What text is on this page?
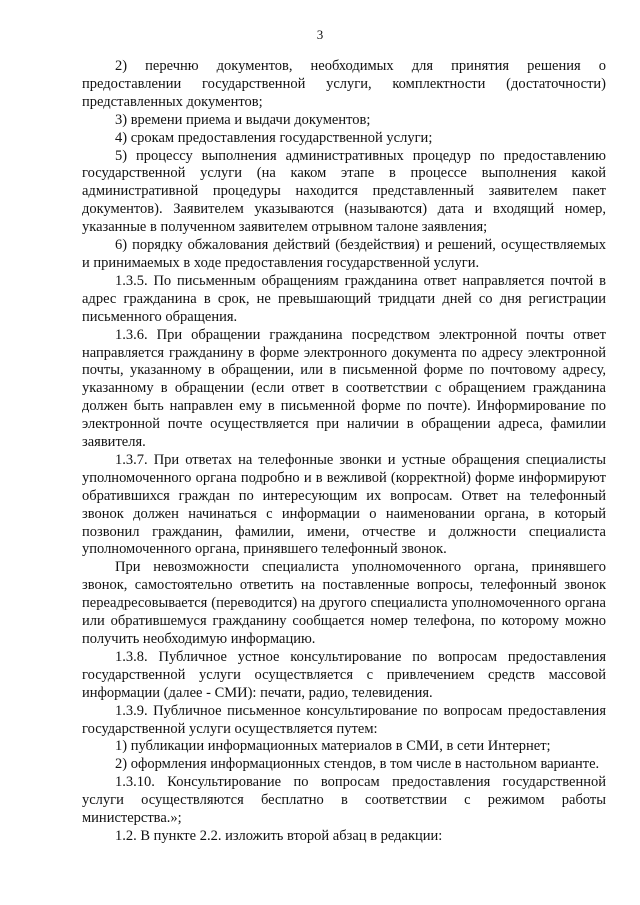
3

2) перечню документов, необходимых для принятия решения о предоставлении государственной услуги, комплектности (достаточности) представленных документов;

3) времени приема и выдачи документов;

4) срокам предоставления государственной услуги;

5) процессу выполнения административных процедур по предоставлению государственной услуги (на каком этапе в процессе выполнения какой административной процедуры находится представленный заявителем пакет документов). Заявителем указываются (называются) дата и входящий номер, указанные в полученном заявителем отрывном талоне заявления;

6) порядку обжалования действий (бездействия) и решений, осуществляемых и принимаемых в ходе предоставления государственной услуги.

1.3.5. По письменным обращениям гражданина ответ направляется почтой в адрес гражданина в срок, не превышающий тридцати дней со дня регистрации письменного обращения.

1.3.6. При обращении гражданина посредством электронной почты ответ направляется гражданину в форме электронного документа по адресу электронной почты, указанному в обращении, или в письменной форме по почтовому адресу, указанному в обращении (если ответ в соответствии с обращением гражданина должен быть направлен ему в письменной форме по почте). Информирование по электронной почте осуществляется при наличии в обращении адреса, фамилии заявителя.

1.3.7. При ответах на телефонные звонки и устные обращения специалисты уполномоченного органа подробно и в вежливой (корректной) форме информируют обратившихся граждан по интересующим их вопросам. Ответ на телефонный звонок должен начинаться с информации о наименовании органа, в который позвонил гражданин, фамилии, имени, отчестве и должности специалиста уполномоченного органа, принявшего телефонный звонок.

При невозможности специалиста уполномоченного органа, принявшего звонок, самостоятельно ответить на поставленные вопросы, телефонный звонок переадресовывается (переводится) на другого специалиста уполномоченного органа или обратившемуся гражданину сообщается номер телефона, по которому можно получить необходимую информацию.

1.3.8. Публичное устное консультирование по вопросам предоставления государственной услуги осуществляется с привлечением средств массовой информации (далее - СМИ): печати, радио, телевидения.

1.3.9. Публичное письменное консультирование по вопросам предоставления государственной услуги осуществляется путем:

1) публикации информационных материалов в СМИ, в сети Интернет;

2) оформления информационных стендов, в том числе в настольном варианте.

1.3.10. Консультирование по вопросам предоставления государственной услуги осуществляются бесплатно в соответствии с режимом работы министерства.»;

1.2. В пункте 2.2. изложить второй абзац в редакции:
